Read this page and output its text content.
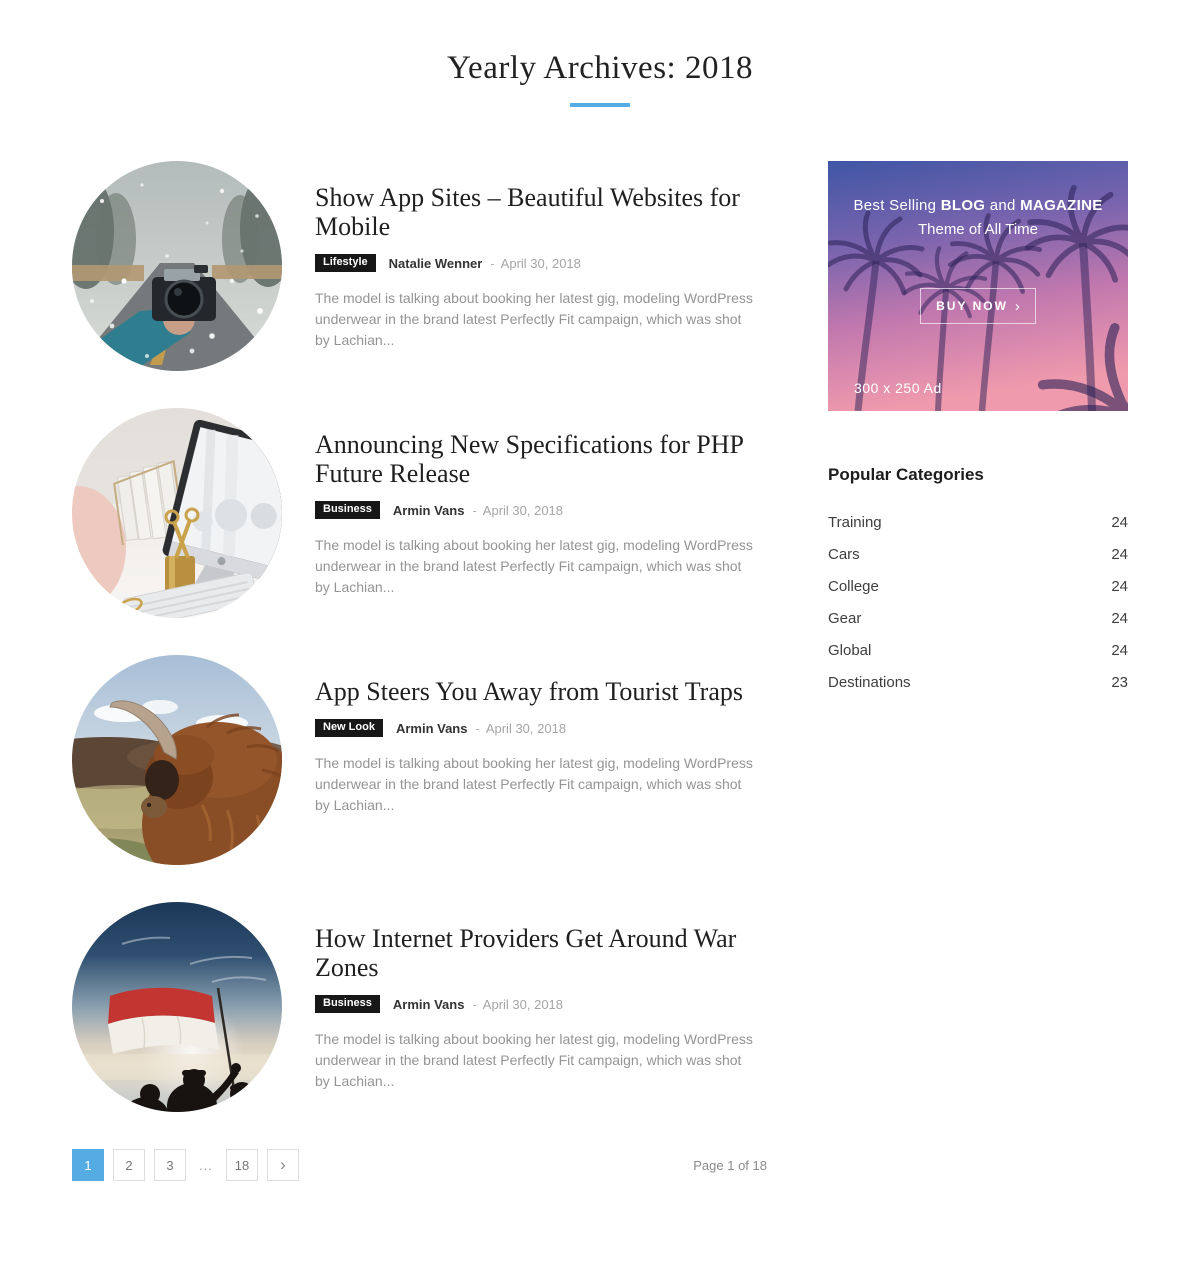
Yearly Archives: 2018
Show App Sites – Beautiful Websites for Mobile
Lifestyle	Natalie Wenner - April 30, 2018

The model is talking about booking her latest gig, modeling WordPress underwear in the brand latest Perfectly Fit campaign, which was shot by Lachian...

Announcing New Specifications for PHP Future Release
Business	Armin Vans - April 30, 2018

The model is talking about booking her latest gig, modeling WordPress underwear in the brand latest Perfectly Fit campaign, which was shot by Lachian...

App Steers You Away from Tourist Traps
New Look	Armin Vans - April 30, 2018

The model is talking about booking her latest gig, modeling WordPress underwear in the brand latest Perfectly Fit campaign, which was shot by Lachian...

How Internet Providers Get Around War Zones
Business	Armin Vans - April 30, 2018

The model is talking about booking her latest gig, modeling WordPress underwear in the brand latest Perfectly Fit campaign, which was shot by Lachian...

1	2	3	...	18	›	Page 1 of 18
Best Selling BLOG and MAGAZINE
Theme of All Time
BUY NOW ›
300 x 250 Ad
Popular Categories
Training	24
Cars	24
College	24
Gear	24
Global	24
Destinations	23
